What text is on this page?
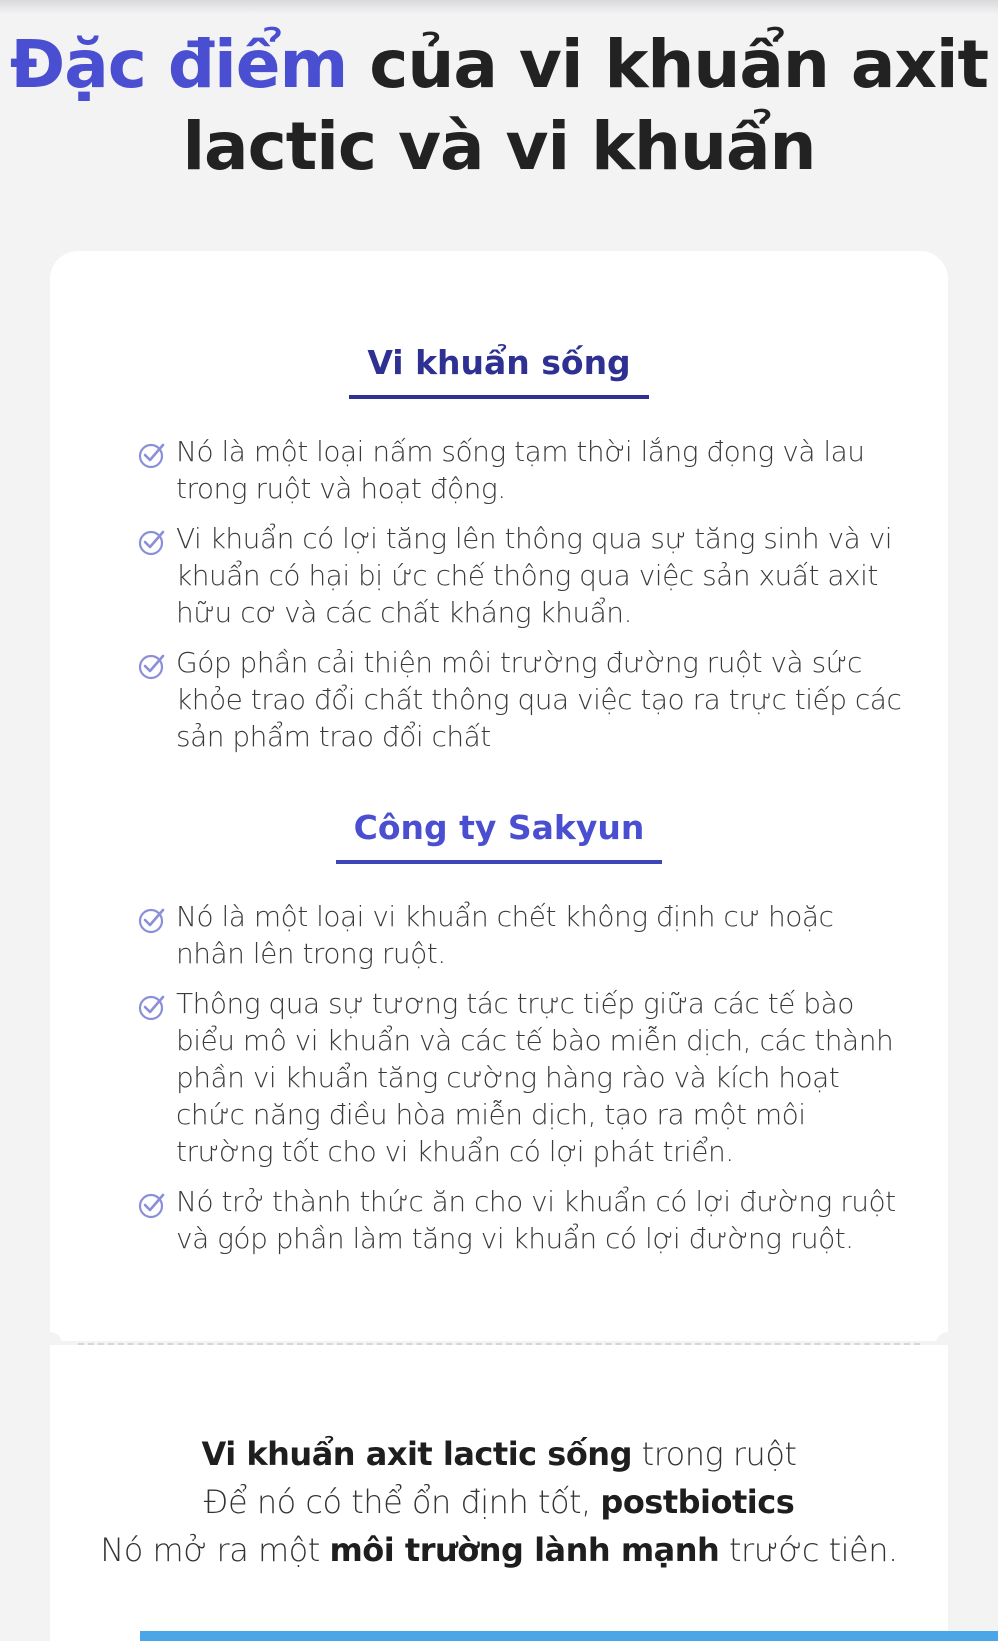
Đặc điểm của vi khuẩn axit
lactic và vi khuẩn
Vi khuẩn sống
Nó là một loại nấm sống tạm thời lắng đọng và lau trong ruột và hoạt động.
Vi khuẩn có lợi tăng lên thông qua sự tăng sinh và vi khuẩn có hại bị ức chế thông qua việc sản xuất axit hữu cơ và các chất kháng khuẩn.
Góp phần cải thiện môi trường đường ruột và sức khỏe trao đổi chất thông qua việc tạo ra trực tiếp các sản phẩm trao đổi chất
Công ty Sakyun
Nó là một loại vi khuẩn chết không định cư hoặc nhân lên trong ruột.
Thông qua sự tương tác trực tiếp giữa các tế bào biểu mô vi khuẩn và các tế bào miễn dịch, các thành phần vi khuẩn tăng cường hàng rào và kích hoạt chức năng điều hòa miễn dịch, tạo ra một môi trường tốt cho vi khuẩn có lợi phát triển.
Nó trở thành thức ăn cho vi khuẩn có lợi đường ruột và góp phần làm tăng vi khuẩn có lợi đường ruột.

Vi khuẩn axit lactic sống trong ruột
Để nó có thể ổn định tốt, postbiotics
Nó mở ra một môi trường lành mạnh trước tiên.
